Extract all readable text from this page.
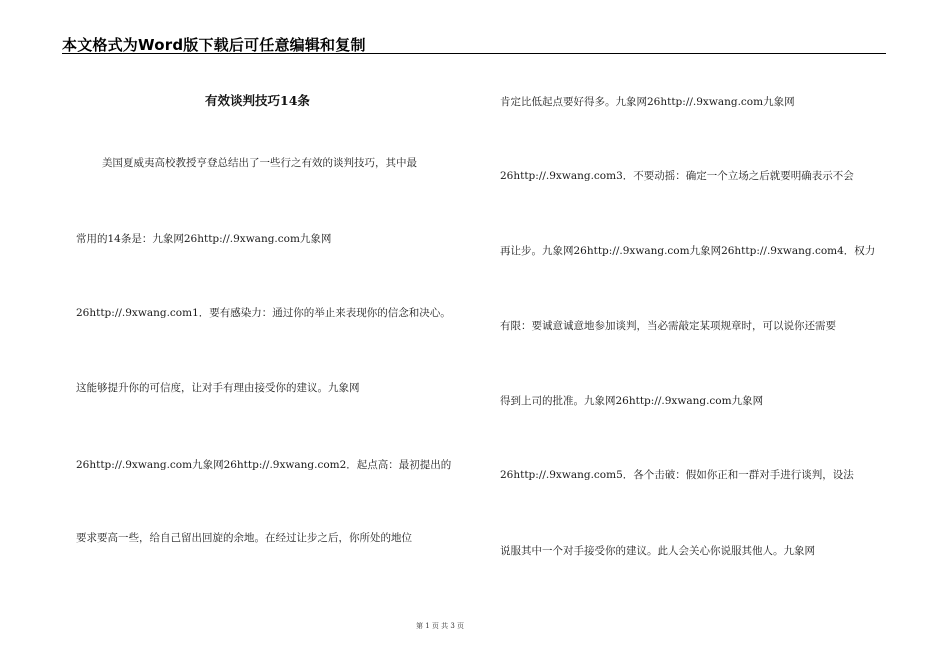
本文格式为Word版下载后可任意编辑和复制
有效谈判技巧14条
美国夏威夷高校教授亨登总结出了一些行之有效的谈判技巧，其中最
常用的14条是：九象网26http://.9xwang.com九象网
26http://.9xwang.com1．要有感染力：通过你的举止来表现你的信念和决心。
这能够提升你的可信度，让对手有理由接受你的建议。九象网
26http://.9xwang.com九象网26http://.9xwang.com2．起点高：最初提出的
要求要高一些，给自己留出回旋的余地。在经过让步之后，你所处的地位
肯定比低起点要好得多。九象网26http://.9xwang.com九象网
26http://.9xwang.com3．不要动摇：确定一个立场之后就要明确表示不会
再让步。九象网26http://.9xwang.com九象网26http://.9xwang.com4．权力
有限：要诚意诚意地参加谈判，当必需敲定某项规章时，可以说你还需要
得到上司的批准。九象网26http://.9xwang.com九象网
26http://.9xwang.com5．各个击破：假如你正和一群对手进行谈判，设法
说服其中一个对手接受你的建议。此人会关心你说服其他人。九象网
第 1 页 共 3 页
